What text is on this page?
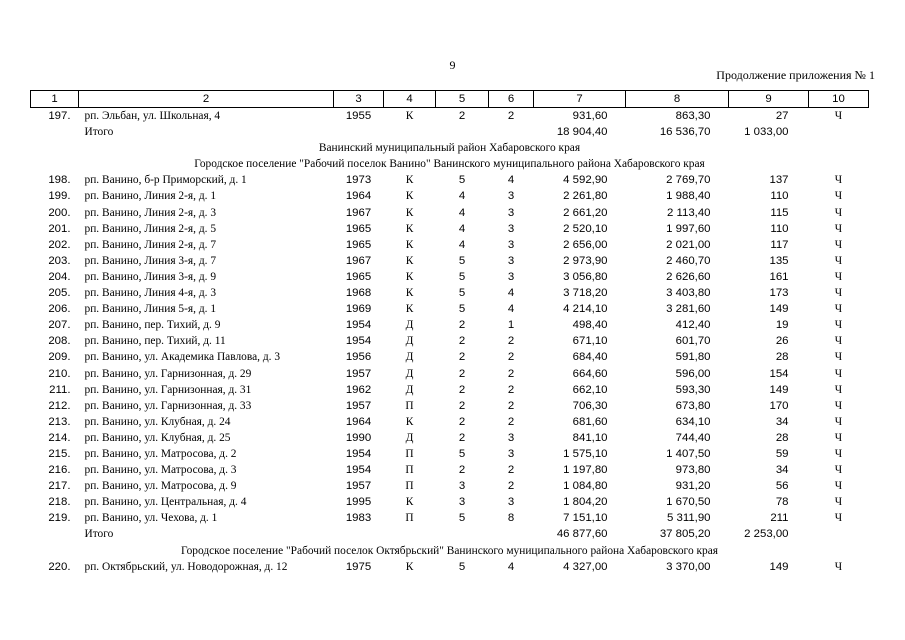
9
Продолжение приложения № 1
1	2	3	4	5	6	7	8	9	10
197.	рп. Эльбан, ул. Школьная, 4	1955	К	2	2	931,60	863,30	27	Ч
	Итого					18 904,40	16 536,70	1 033,00	
Ванинский муниципальный район Хабаровского края									
Городское поселение "Рабочий поселок Ванино" Ванинского муниципального района Хабаровского края									
198.	рп. Ванино, б-р Приморский, д. 1	1973	К	5	4	4 592,90	2 769,70	137	Ч
199.	рп. Ванино, Линия 2-я, д. 1	1964	К	4	3	2 261,80	1 988,40	110	Ч
200.	рп. Ванино, Линия 2-я, д. 3	1967	К	4	3	2 661,20	2 113,40	115	Ч
201.	рп. Ванино, Линия 2-я, д. 5	1965	К	4	3	2 520,10	1 997,60	110	Ч
202.	рп. Ванино, Линия 2-я, д. 7	1965	К	4	3	2 656,00	2 021,00	117	Ч
203.	рп. Ванино, Линия 3-я, д. 7	1967	К	5	3	2 973,90	2 460,70	135	Ч
204.	рп. Ванино, Линия 3-я, д. 9	1965	К	5	3	3 056,80	2 626,60	161	Ч
205.	рп. Ванино, Линия 4-я, д. 3	1968	К	5	4	3 718,20	3 403,80	173	Ч
206.	рп. Ванино, Линия 5-я, д. 1	1969	К	5	4	4 214,10	3 281,60	149	Ч
207.	рп. Ванино, пер. Тихий, д. 9	1954	Д	2	1	498,40	412,40	19	Ч
208.	рп. Ванино, пер. Тихий, д. 11	1954	Д	2	2	671,10	601,70	26	Ч
209.	рп. Ванино, ул. Академика Павлова, д. 3	1956	Д	2	2	684,40	591,80	28	Ч
210.	рп. Ванино, ул. Гарнизонная, д. 29	1957	Д	2	2	664,60	596,00	154	Ч
211.	рп. Ванино, ул. Гарнизонная, д. 31	1962	Д	2	2	662,10	593,30	149	Ч
212.	рп. Ванино, ул. Гарнизонная, д. 33	1957	П	2	2	706,30	673,80	170	Ч
213.	рп. Ванино, ул. Клубная, д. 24	1964	К	2	2	681,60	634,10	34	Ч
214.	рп. Ванино, ул. Клубная, д. 25	1990	Д	2	3	841,10	744,40	28	Ч
215.	рп. Ванино, ул. Матросова, д. 2	1954	П	5	3	1 575,10	1 407,50	59	Ч
216.	рп. Ванино, ул. Матросова, д. 3	1954	П	2	2	1 197,80	973,80	34	Ч
217.	рп. Ванино, ул. Матросова, д. 9	1957	П	3	2	1 084,80	931,20	56	Ч
218.	рп. Ванино, ул. Центральная, д. 4	1995	К	3	3	1 804,20	1 670,50	78	Ч
219.	рп. Ванино, ул. Чехова, д. 1	1983	П	5	8	7 151,10	5 311,90	211	Ч
	Итого					46 877,60	37 805,20	2 253,00	
Городское поселение "Рабочий поселок Октябрьский" Ванинского муниципального района Хабаровского края									
220.	рп. Октябрьский, ул. Новодорожная, д. 12	1975	К	5	4	4 327,00	3 370,00	149	Ч
